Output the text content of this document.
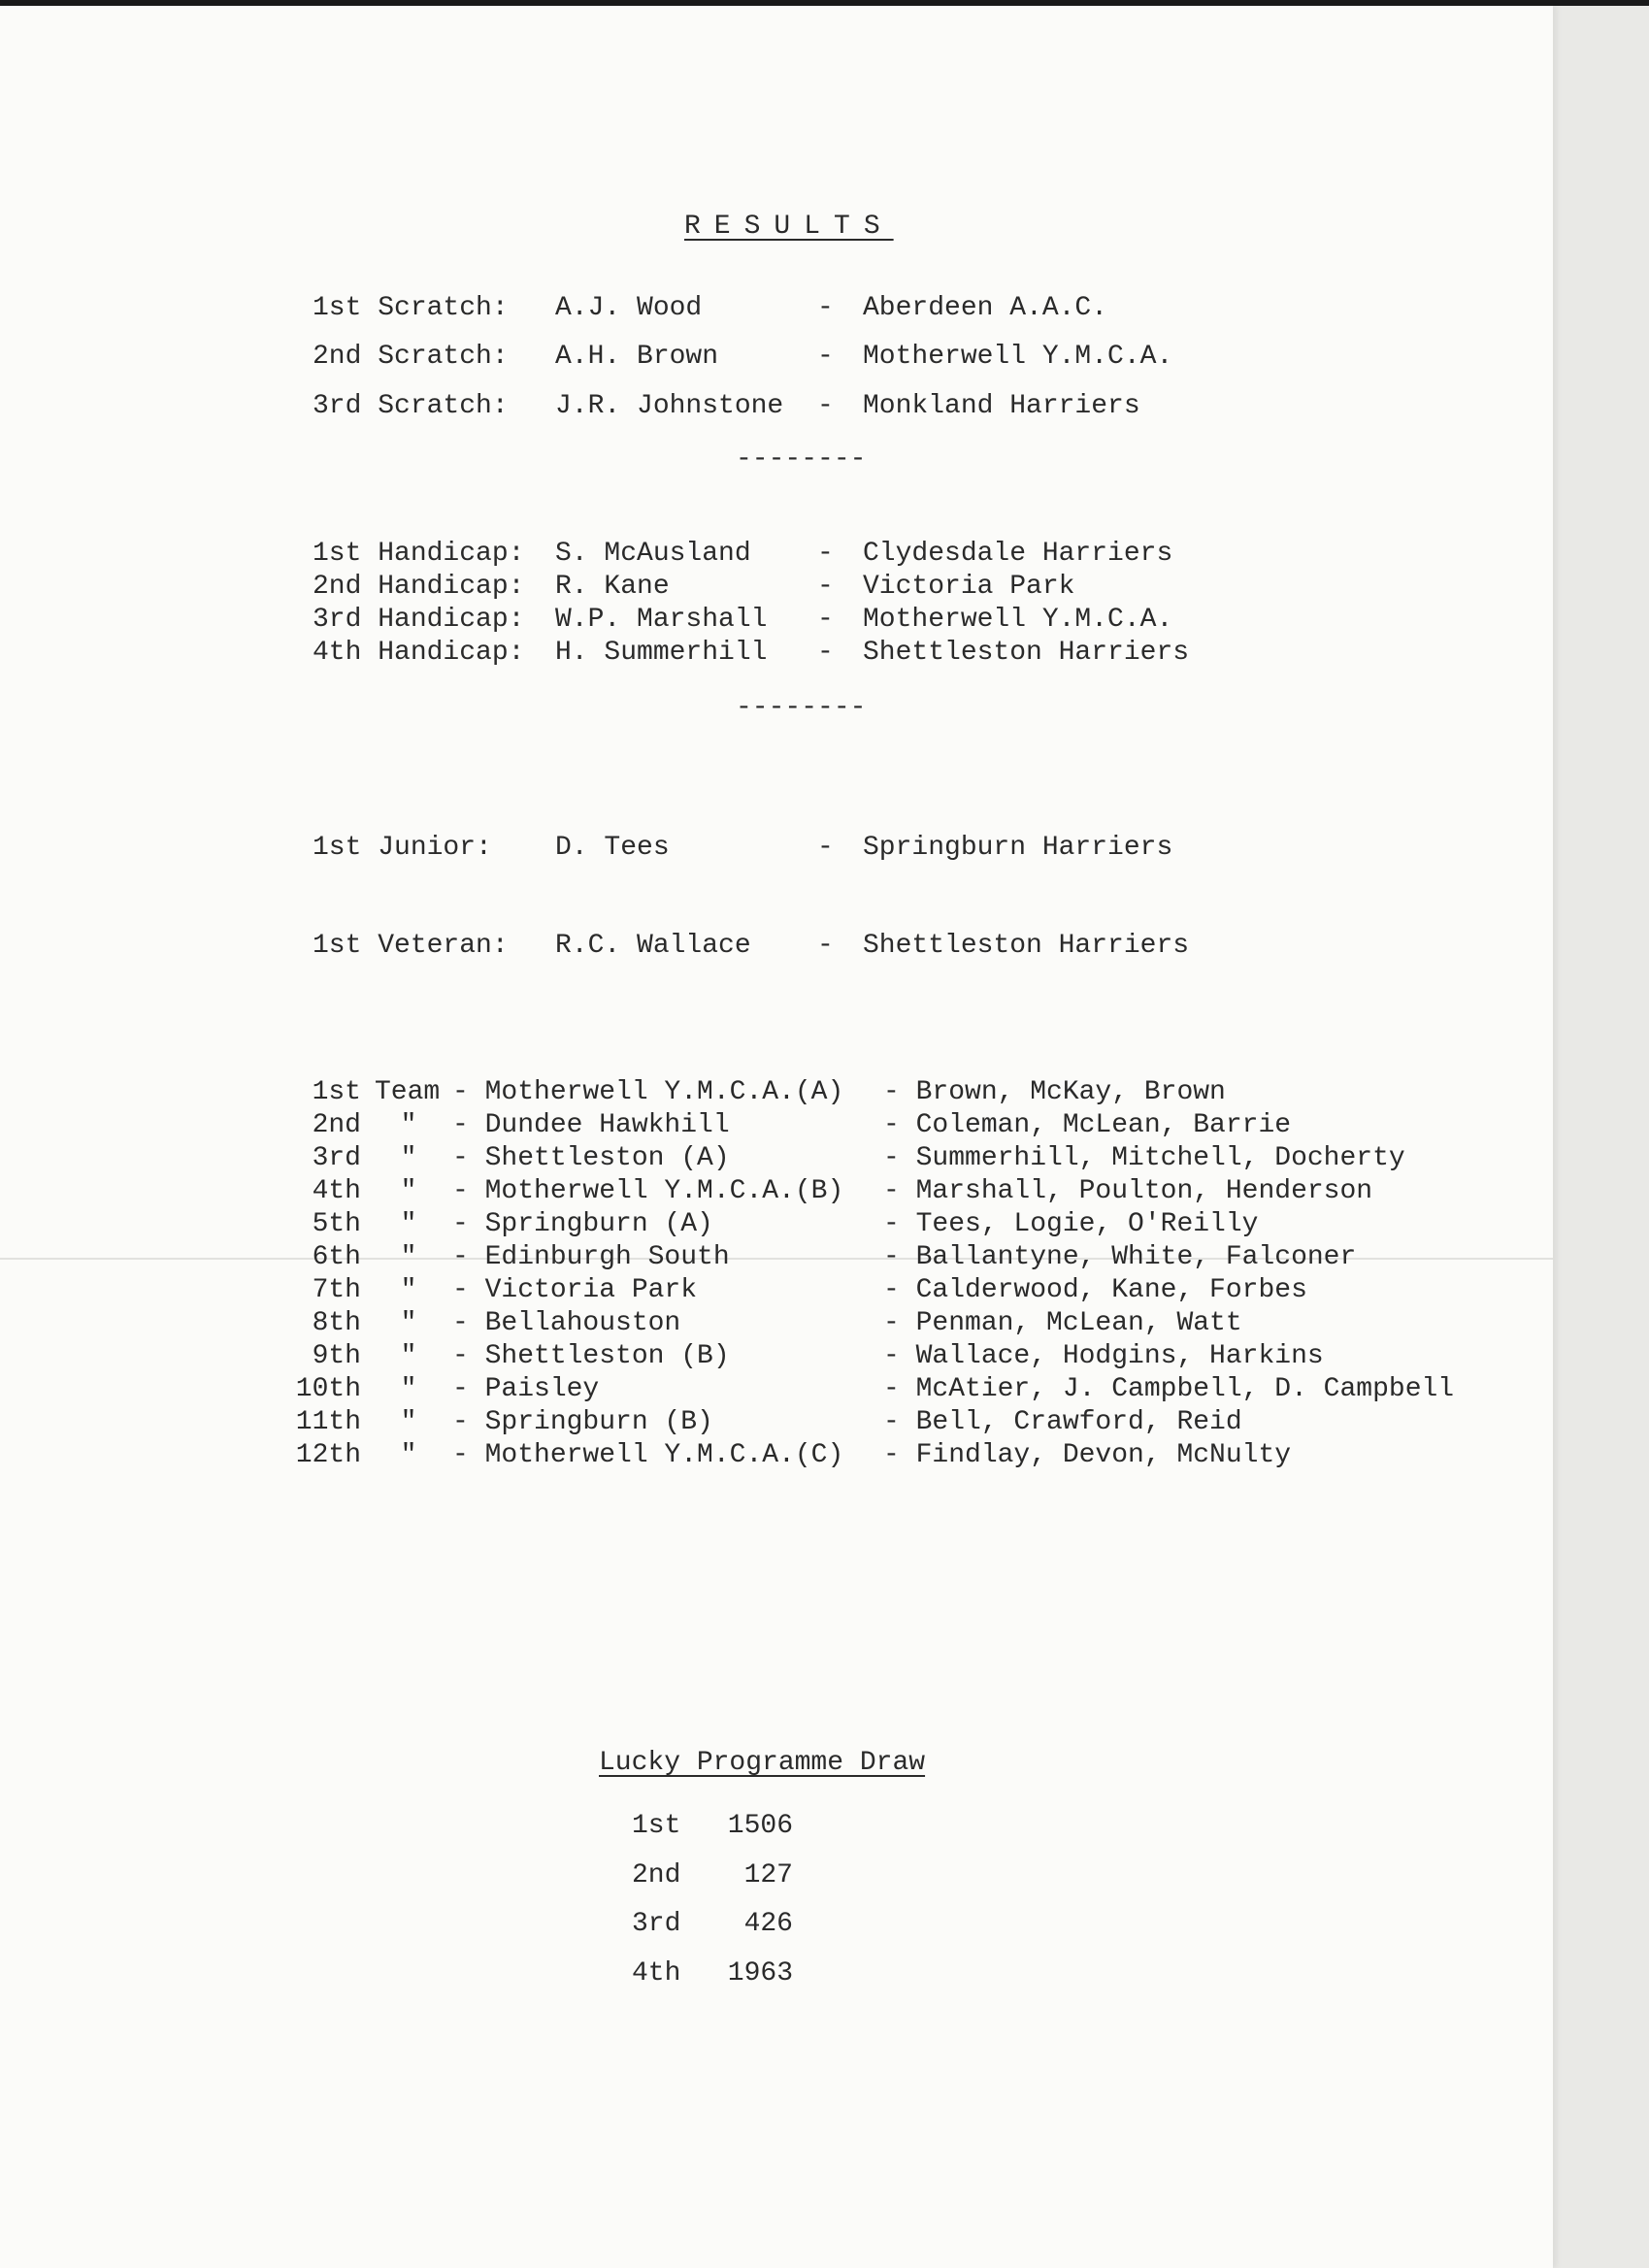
RESULTS
1st Scratch: A.J. Wood	- Aberdeen A.A.C.
2nd Scratch: A.H. Brown	- Motherwell Y.M.C.A.
3rd Scratch: J.R. Johnstone - Monkland Harriers
--------
1st Handicap: S. McAusland - Clydesdale Harriers
2nd Handicap: R. Kane	- Victoria Park
3rd Handicap: W.P. Marshall - Motherwell Y.M.C.A.
4th Handicap: H. Summerhill - Shettleston Harriers
--------
1st Junior: D. Tees	- Springburn Harriers
1st Veteran: R.C. Wallace - Shettleston Harriers
1st Team - Motherwell Y.M.C.A.(A) - Brown, McKay, Brown
2nd	"	- Dundee Hawkhill	- Coleman, McLean, Barrie
3rd	"	- Shettleston (A)	- Summerhill, Mitchell, Docherty
4th	"	- Motherwell Y.M.C.A.(B) - Marshall, Poulton, Henderson
5th	"	- Springburn (A)	- Tees, Logie, O'Reilly
6th	"	- Edinburgh South	- Ballantyne, White, Falconer
7th	"	- Victoria Park	- Calderwood, Kane, Forbes
8th	"	- Bellahouston	- Penman, McLean, Watt
9th	"	- Shettleston (B)	- Wallace, Hodgins, Harkins
10th	"	- Paisley	- McAtier, J. Campbell, D. Campbell
11th	"	- Springburn (B)	- Bell, Crawford, Reid
12th	"	- Motherwell Y.M.C.A.(C) - Findlay, Devon, McNulty
Lucky Programme Draw
1st 1506
2nd	127
3rd	426
4th 1963
